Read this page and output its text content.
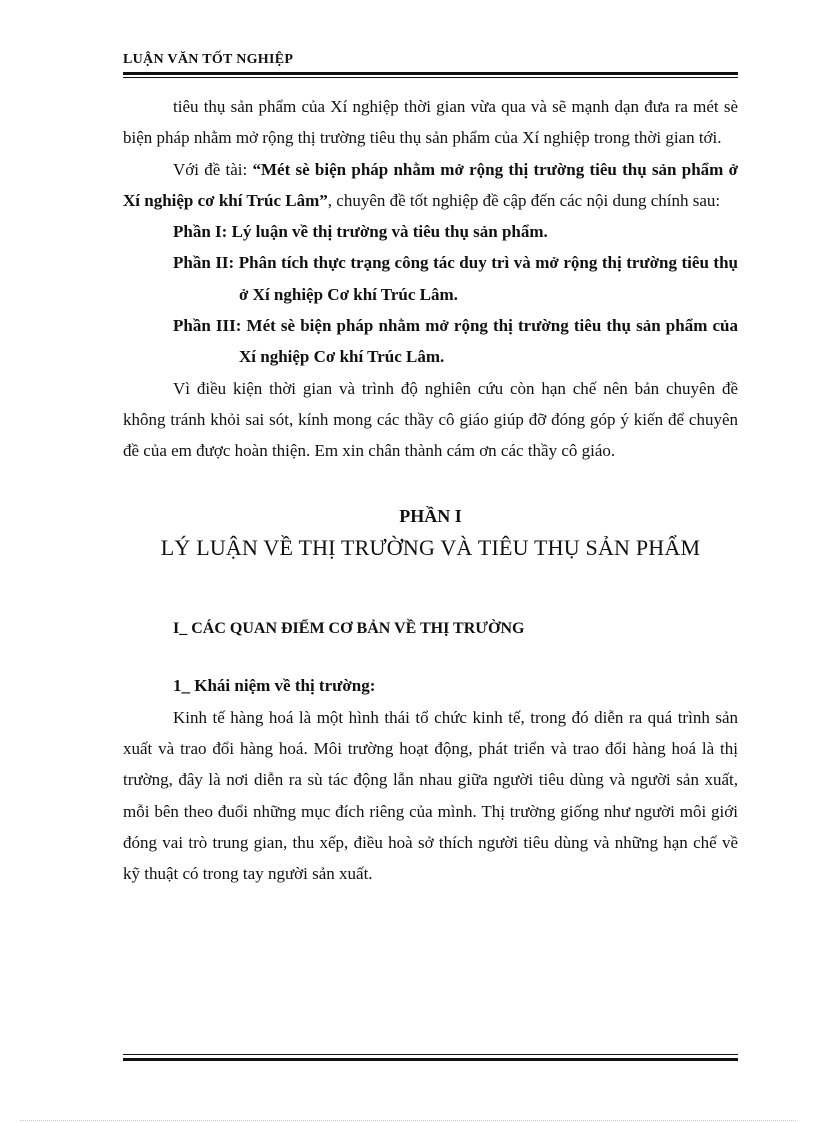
LUẬN VĂN TỐT NGHIỆP

tiêu thụ sản phẩm của Xí nghiệp thời gian vừa qua và sẽ mạnh dạn đưa ra mét sè biện pháp nhằm mở rộng thị trường tiêu thụ sản phẩm của Xí nghiệp trong thời gian tới.

Với đề tài: “Mét sè biện pháp nhằm mở rộng thị trường tiêu thụ sản phẩm ở Xí nghiệp cơ khí Trúc Lâm”, chuyên đề tốt nghiệp đề cập đến các nội dung chính sau:

Phần I: Lý luận về thị trường và tiêu thụ sản phẩm.

Phần II: Phân tích thực trạng công tác duy trì và mở rộng thị trường tiêu thụ ở Xí nghiệp Cơ khí Trúc Lâm.

Phần III: Mét sè biện pháp nhằm mở rộng thị trường tiêu thụ sản phẩm của Xí nghiệp Cơ khí Trúc Lâm.

Vì điều kiện thời gian và trình độ nghiên cứu còn hạn chế nên bản chuyên đề không tránh khỏi sai sót, kính mong các thầy cô giáo giúp đỡ đóng góp ý kiến để chuyên đề của em được hoàn thiện. Em xin chân thành cám ơn các thầy cô giáo.

PHẦN I

LÝ LUẬN VỀ THỊ TRƯỜNG VÀ TIÊU THỤ SẢN PHẨM

I_ CÁC QUAN ĐIỂM CƠ BẢN VỀ THỊ TRƯỜNG

1_ Khái niệm về thị trường:

Kinh tế hàng hoá là một hình thái tổ chức kinh tế, trong đó diễn ra quá trình sản xuất và trao đổi hàng hoá. Môi trường hoạt động, phát triển và trao đổi hàng hoá là thị trường, đây là nơi diễn ra sù tác động lẫn nhau giữa người tiêu dùng và người sản xuất, mỗi bên theo đuổi những mục đích riêng của mình. Thị trường giống như người môi giới đóng vai trò trung gian, thu xếp, điều hoà sở thích người tiêu dùng và những hạn chế về kỹ thuật có trong tay người sản xuất.
